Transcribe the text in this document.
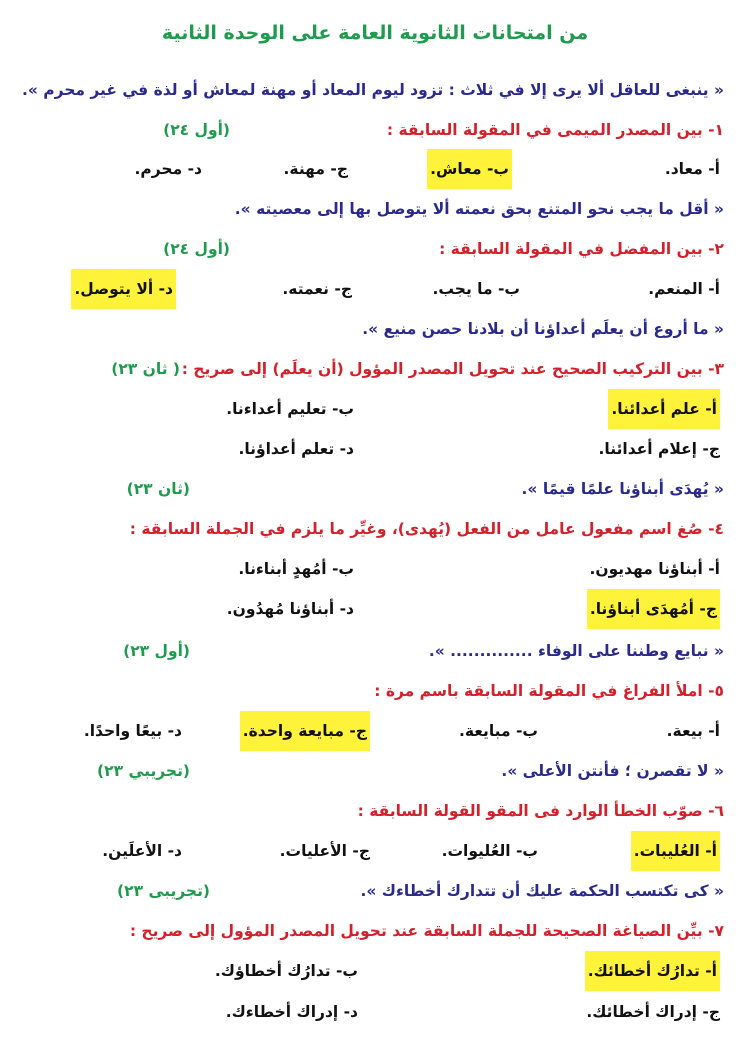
من امتحانات الثانوية العامة على الوحدة الثانية
« ينبغى للعاقل ألا يرى إلا في ثلاث : تزود ليوم المعاد أو مهنة لمعاش أو لذة في غير محرم ».
١- بين المصدر الميمى في المقولة السابقة :
(أول ٢٤)
أ- معاد.
ب- معاش.
ج- مهنة.
د- محرم.
« أقل ما يجب نحو المتنع بحق نعمته ألا يتوصل بها إلى معصيته ».
٢- بين المفضل في المقولة السابقة :
(أول ٢٤)
أ- المنعم.
ب- ما يجب.
ج- نعمته.
د- ألا يتوصل.
« ما أروع أن يعلَم أعداؤنا أن بلادنا حصن منيع ».
٣- بين التركيب الصحيح عند تحويل المصدر المؤول (أن يعلَم) إلى صريح :
( ثان ٢٣)
أ- علم أعدائنا.
ب- تعليم أعداءنا.
ج- إعلام أعدائنا.
د- تعلم أعداؤنا.
« يُهدَى أبناؤنا علمًا قيمًا ».
(ثان ٢٣)
٤- صُغ اسم مفعول عامل من الفعل (يُهدى)، وغيِّر ما يلزم في الجملة السابقة :
أ- أبناؤنا مهديون.
ب- أمُهدٍ أبناءنا.
ج- أمُهدَى أبناؤنا.
د- أبناؤنا مُهدُون.
« نبايع وطننا على الوفاء .............. ».
(أول ٢٣)
٥- املأ الفراغ في المقولة السابقة باسم مرة :
أ- بيعة.
ب- مبايعة.
ج- مبايعة واحدة.
د- بيعًا واحدًا.
« لا تقصرن ؛ فأنتن الأعلى ».
(تجريبي ٢٣)
٦- صوّب الخطأ الوارد فى المقو القولة السابقة :
أ- العُليبات.
ب- العُليوات.
ج- الأعليات.
د- الأعلَين.
« كى تكتسب الحكمة عليك أن تتدارك أخطاءك ».
(تجريبى ٢٣)
٧- بيِّن الصياغة الصحيحة للجملة السابقة عند تحويل المصدر المؤول إلى صريح :
أ- تدارُك أخطائك.
ب- تدارُك أخطاؤك.
ج- إدراك أخطائك.
د- إدراك أخطاءك.
